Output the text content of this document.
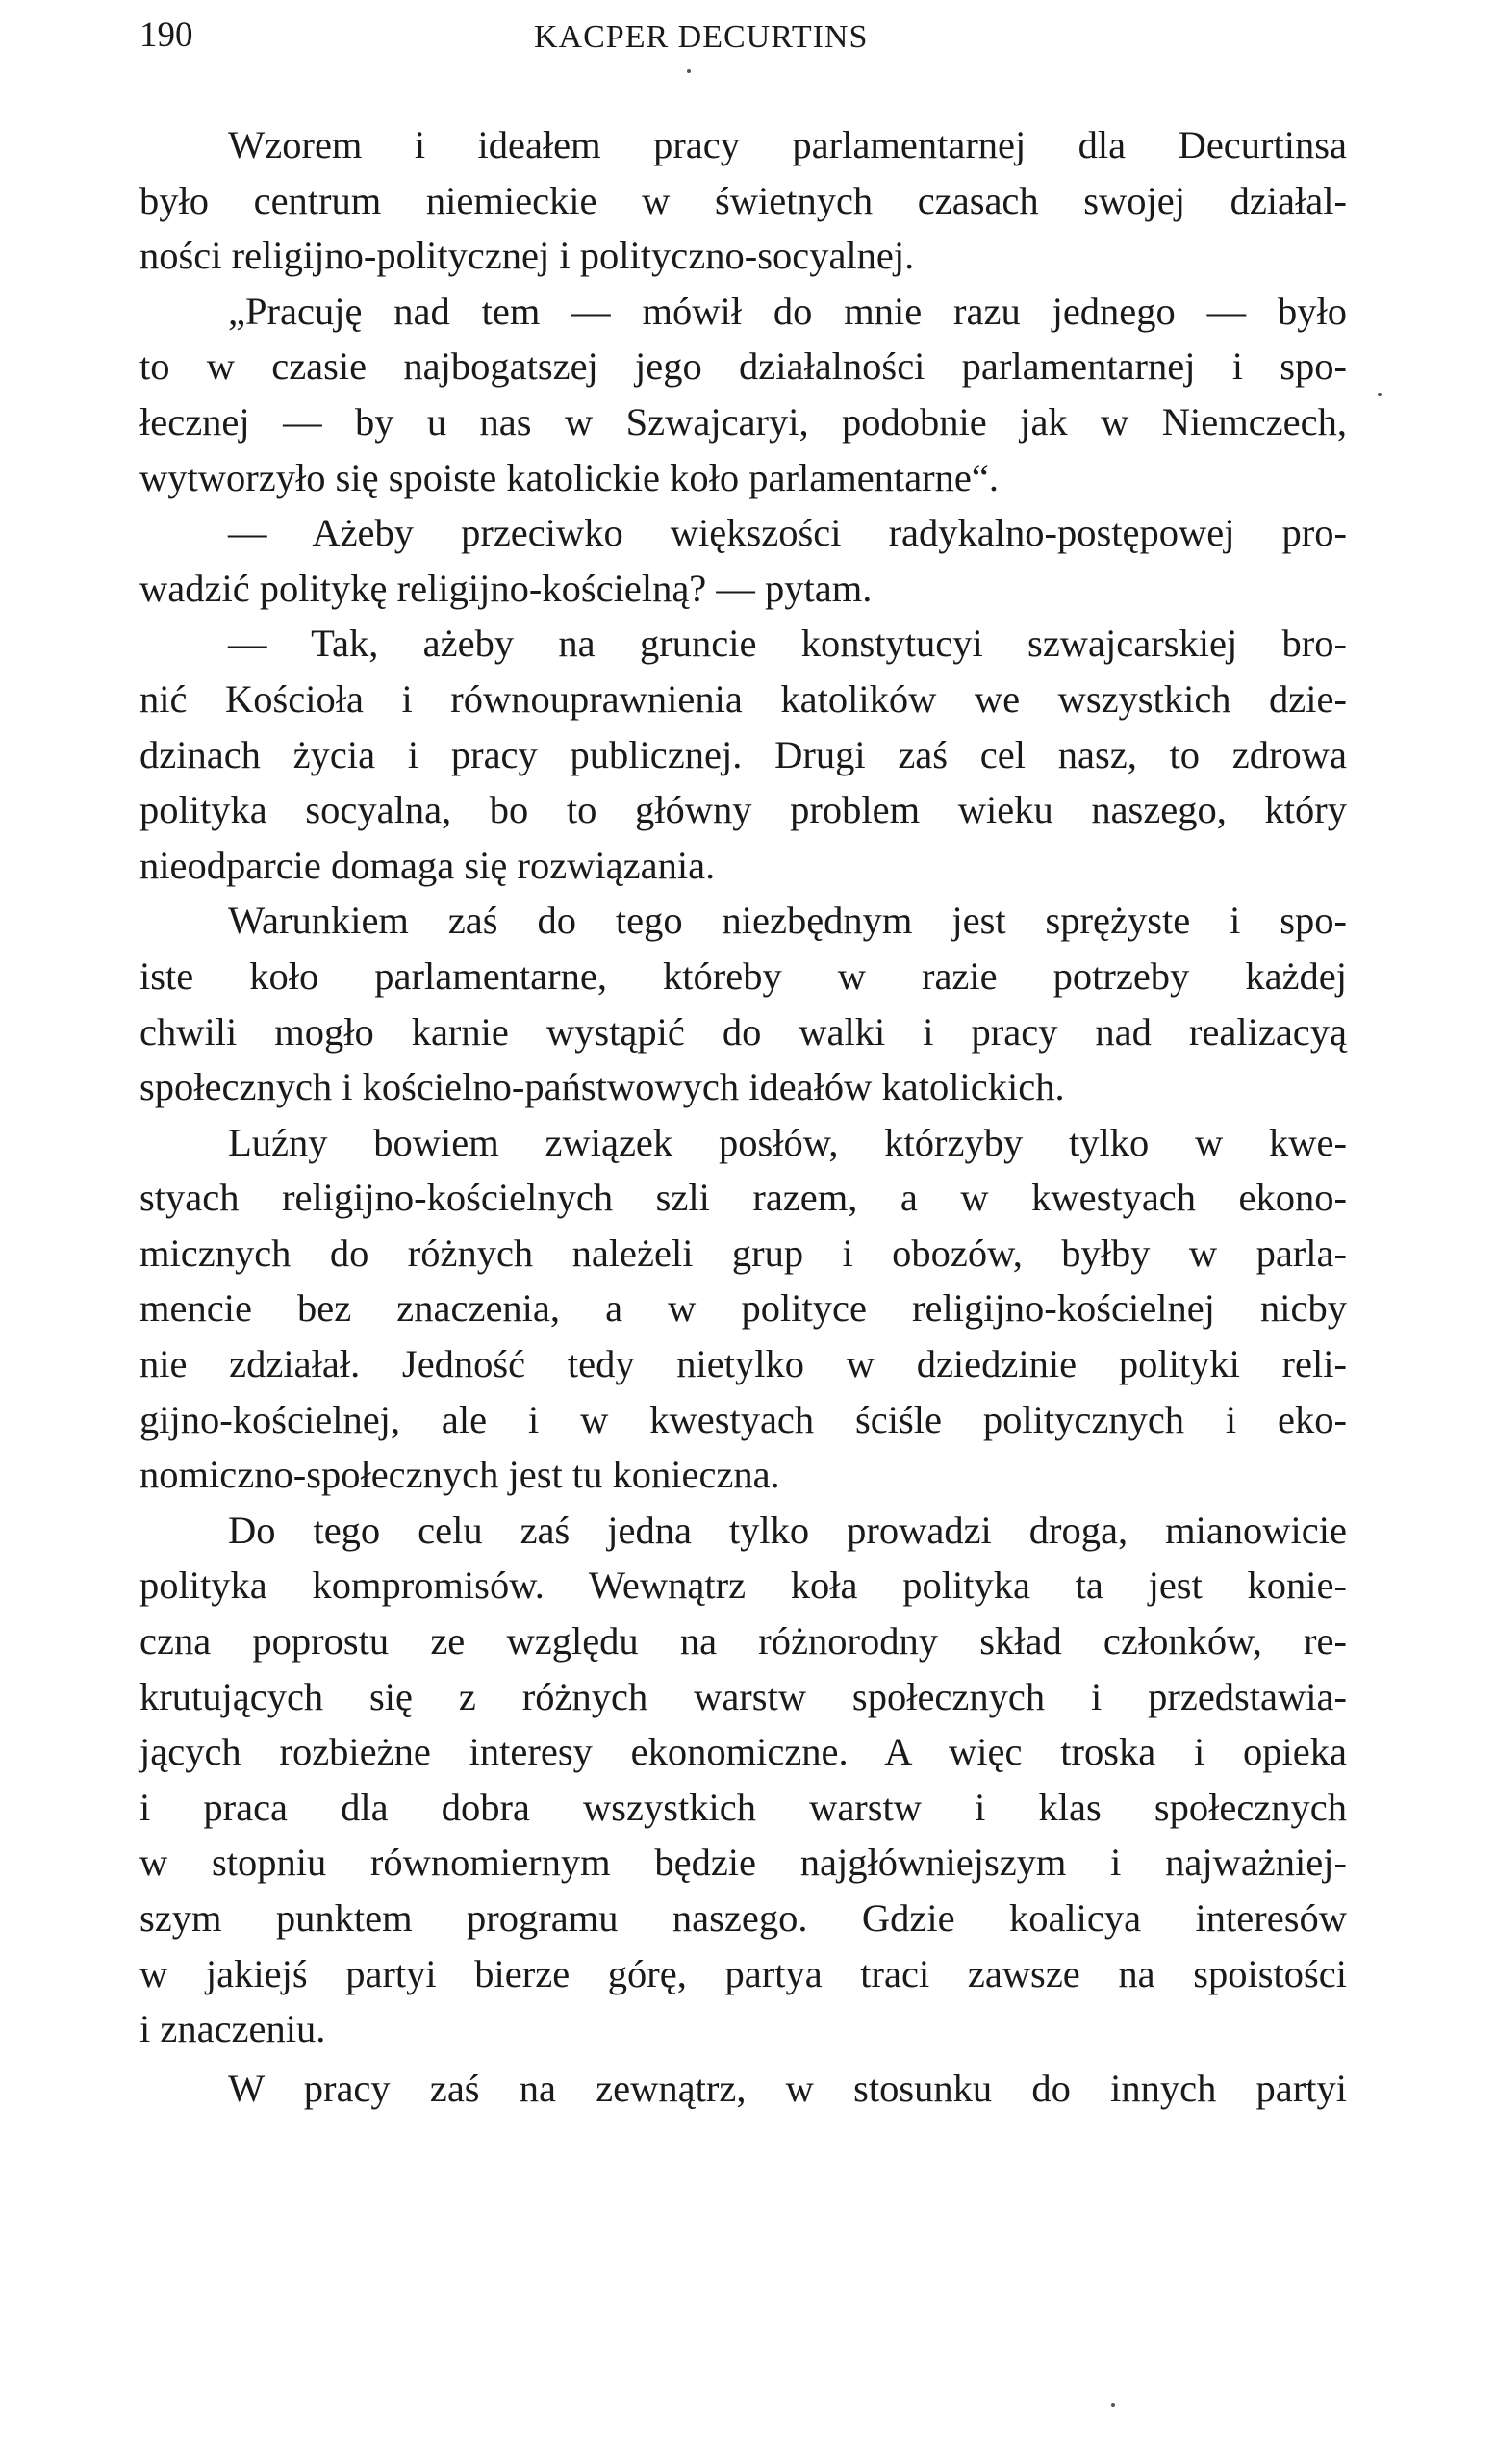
190	KACPER DECURTINS
Wzorem i ideałem pracy parlamentarnej dla Decurtinsa
było centrum niemieckie w świetnych czasach swojej działal-
ności religijno-politycznej i polityczno-socyalnej.
„Pracuję nad tem — mówił do mnie razu jednego — było
to w czasie najbogatszej jego działalności parlamentarnej i spo-
łecznej — by u nas w Szwajcaryi, podobnie jak w Niemczech,
wytworzyło się spoiste katolickie koło parlamentarne“.
— Ażeby przeciwko większości radykalno-postępowej pro-
wadzić politykę religijno-kościelną? — pytam.
— Tak, ażeby na gruncie konstytucyi szwajcarskiej bro-
nić Kościoła i równouprawnienia katolików we wszystkich dzie-
dzinach życia i pracy publicznej. Drugi zaś cel nasz, to zdrowa
polityka socyalna, bo to główny problem wieku naszego, który
nieodparcie domaga się rozwiązania.
Warunkiem zaś do tego niezbędnym jest sprężyste i spo-
iste koło parlamentarne, któreby w razie potrzeby każdej
chwili mogło karnie wystąpić do walki i pracy nad realizacyą
społecznych i kościelno-państwowych ideałów katolickich.
Luźny bowiem związek posłów, którzyby tylko w kwe-
styach religijno-kościelnych szli razem, a w kwestyach ekono-
micznych do różnych należeli grup i obozów, byłby w parla-
mencie bez znaczenia, a w polityce religijno-kościelnej nicby
nie zdziałał. Jedność tedy nietylko w dziedzinie polityki reli-
gijno-kościelnej, ale i w kwestyach ściśle politycznych i eko-
nomiczno-społecznych jest tu konieczna.
Do tego celu zaś jedna tylko prowadzi droga, mianowicie
polityka kompromisów. Wewnątrz koła polityka ta jest konie-
czna poprostu ze względu na różnorodny skład członków, re-
krutujących się z różnych warstw społecznych i przedstawia-
jących rozbieżne interesy ekonomiczne. A więc troska i opieka
i praca dla dobra wszystkich warstw i klas społecznych
w stopniu równomiernym będzie najgłówniejszym i najważniej-
szym punktem programu naszego. Gdzie koalicya interesów
w jakiejś partyi bierze górę, partya traci zawsze na spoistości
i znaczeniu.
W pracy zaś na zewnątrz, w stosunku do innych partyi
